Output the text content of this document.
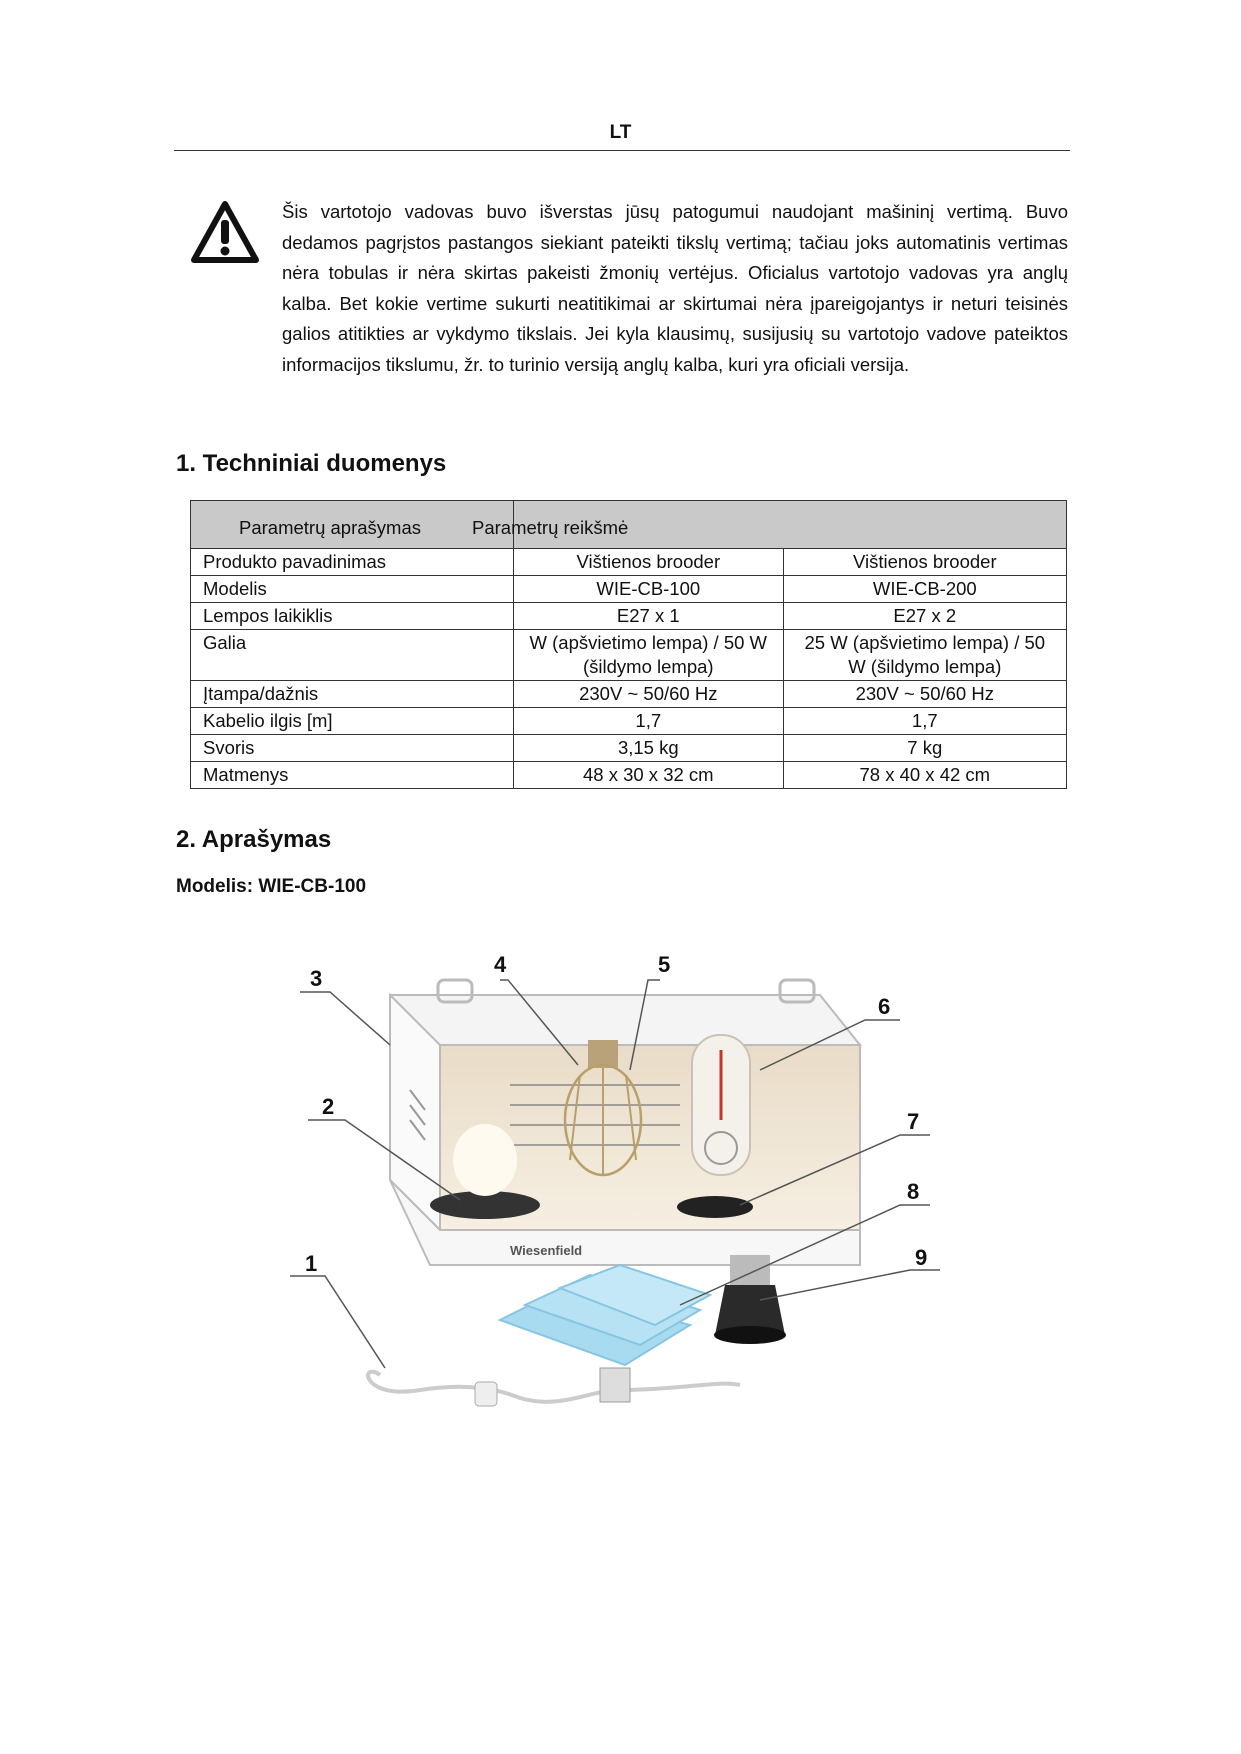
LT

Šis vartotojo vadovas buvo išverstas jūsų patogumui naudojant mašininį vertimą. Buvo dedamos pagrįstos pastangos siekiant pateikti tikslų vertimą; tačiau joks automatinis vertimas nėra tobulas ir nėra skirtas pakeisti žmonių vertėjus. Oficialus vartotojo vadovas yra anglų kalba. Bet kokie vertime sukurti neatitikimai ar skirtumai nėra įpareigojantys ir neturi teisinės galios atitikties ar vykdymo tikslais. Jei kyla klausimų, susijusių su vartotojo vadove pateiktos informacijos tikslumu, žr. to turinio versiją anglų kalba, kuri yra oficiali versija.

1. Techniniai duomenys
Parametrų aprašymas	Parametrų reikšmė	
Produkto pavadinimas	Vištienos brooder	Vištienos brooder
Modelis	WIE-CB-100	WIE-CB-200
Lempos laikiklis	E27 x 1	E27 x 2
Galia	W (apšvietimo lempa) / 50 W (šildymo lempa)	25 W (apšvietimo lempa) / 50 W (šildymo lempa)
Įtampa/dažnis	230V ~ 50/60 Hz	230V ~ 50/60 Hz
Kabelio ilgis [m]	1,7	1,7
Svoris	3,15 kg	7 kg
Matmenys	48 x 30 x 32 cm	78 x 40 x 42 cm
2. Aprašymas
Modelis: WIE-CB-100
Wiesenfield
1
2
3
4	5
6
7
8
9
